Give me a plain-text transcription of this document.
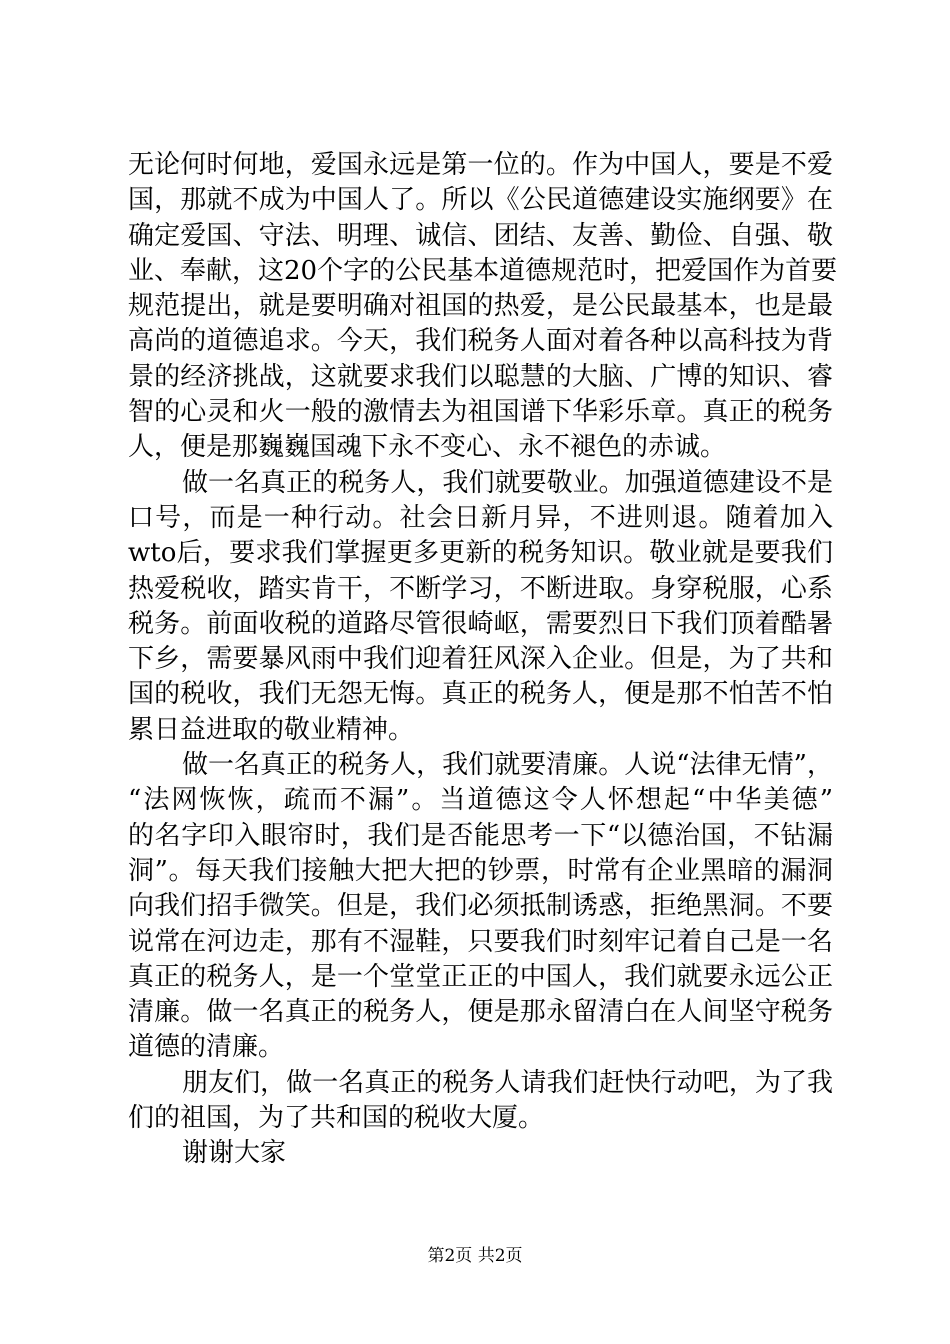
无论何时何地，爱国永远是第一位的。作为中国人，要是不爱
国，那就不成为中国人了。所以《公民道德建设实施纲要》在
确定爱国、守法、明理、诚信、团结、友善、勤俭、自强、敬
业、奉献，这20个字的公民基本道德规范时，把爱国作为首要
规范提出，就是要明确对祖国的热爱，是公民最基本，也是最
高尚的道德追求。今天，我们税务人面对着各种以高科技为背
景的经济挑战，这就要求我们以聪慧的大脑、广博的知识、睿
智的心灵和火一般的激情去为祖国谱下华彩乐章。真正的税务
人，便是那巍巍国魂下永不变心、永不褪色的赤诚。
做一名真正的税务人，我们就要敬业。加强道德建设不是
口号，而是一种行动。社会日新月异，不进则退。随着加入
wto后，要求我们掌握更多更新的税务知识。敬业就是要我们
热爱税收，踏实肯干，不断学习，不断进取。身穿税服，心系
税务。前面收税的道路尽管很崎岖，需要烈日下我们顶着酷暑
下乡，需要暴风雨中我们迎着狂风深入企业。但是，为了共和
国的税收，我们无怨无悔。真正的税务人，便是那不怕苦不怕
累日益进取的敬业精神。
做一名真正的税务人，我们就要清廉。人说“法律无情”，
“法网恢恢，疏而不漏”。当道德这令人怀想起“中华美德”
的名字印入眼帘时，我们是否能思考一下“以德治国，不钻漏
洞”。每天我们接触大把大把的钞票，时常有企业黑暗的漏洞
向我们招手微笑。但是，我们必须抵制诱惑，拒绝黑洞。不要
说常在河边走，那有不湿鞋，只要我们时刻牢记着自己是一名
真正的税务人，是一个堂堂正正的中国人，我们就要永远公正
清廉。做一名真正的税务人，便是那永留清白在人间坚守税务
道德的清廉。
朋友们，做一名真正的税务人请我们赶快行动吧，为了我
们的祖国，为了共和国的税收大厦。
谢谢大家
第2页 共2页
